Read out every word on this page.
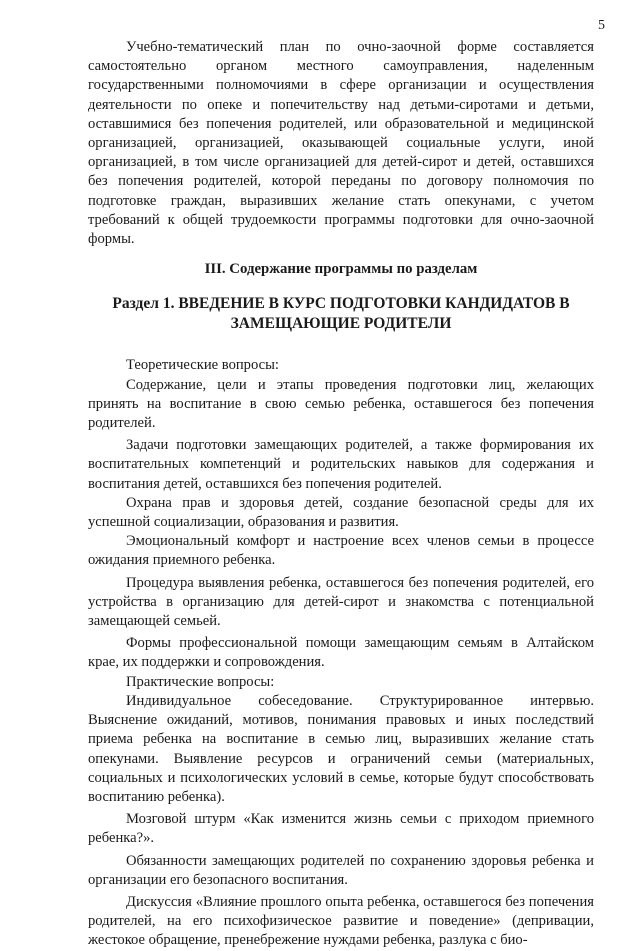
5

Учебно-тематический план по очно-заочной форме составляется самостоятельно органом местного самоуправления, наделенным государственными полномочиями в сфере организации и осуществления деятельности по опеке и попечительству над детьми-сиротами и детьми, оставшимися без попечения родителей, или образовательной и медицинской организацией, организацией, оказывающей социальные услуги, иной организацией, в том числе организацией для детей-сирот и детей, оставшихся без попечения родителей, которой переданы по договору полномочия по подготовке граждан, выразивших желание стать опекунами, с учетом требований к общей трудоемкости программы подготовки для очно-заочной формы.

III. Содержание программы по разделам
Раздел 1. ВВЕДЕНИЕ В КУРС ПОДГОТОВКИ КАНДИДАТОВ В
ЗАМЕЩАЮЩИЕ РОДИТЕЛИ

Теоретические вопросы:

Содержание, цели и этапы проведения подготовки лиц, желающих принять на воспитание в свою семью ребенка, оставшегося без попечения родителей.

Задачи подготовки замещающих родителей, а также формирования их воспитательных компетенций и родительских навыков для содержания и воспитания детей, оставшихся без попечения родителей.

Охрана прав и здоровья детей, создание безопасной среды для их успешной социализации, образования и развития.

Эмоциональный комфорт и настроение всех членов семьи в процессе ожидания приемного ребенка.

Процедура выявления ребенка, оставшегося без попечения родителей, его устройства в организацию для детей-сирот и знакомства с потенциальной замещающей семьей.

Формы профессиональной помощи замещающим семьям в Алтайском крае, их поддержки и сопровождения.

Практические вопросы:

Индивидуальное собеседование. Структурированное интервью. Выяснение ожиданий, мотивов, понимания правовых и иных последствий приема ребенка на воспитание в семью лиц, выразивших желание стать опекунами. Выявление ресурсов и ограничений семьи (материальных, социальных и психологических условий в семье, которые будут способствовать воспитанию ребенка).

Мозговой штурм «Как изменится жизнь семьи с приходом приемного ребенка?».

Обязанности замещающих родителей по сохранению здоровья ребенка и организации его безопасного воспитания.

Дискуссия «Влияние прошлого опыта ребенка, оставшегося без попечения родителей, на его психофизическое развитие и поведение» (депривации, жестокое обращение, пренебрежение нуждами ребенка, разлука с био-
